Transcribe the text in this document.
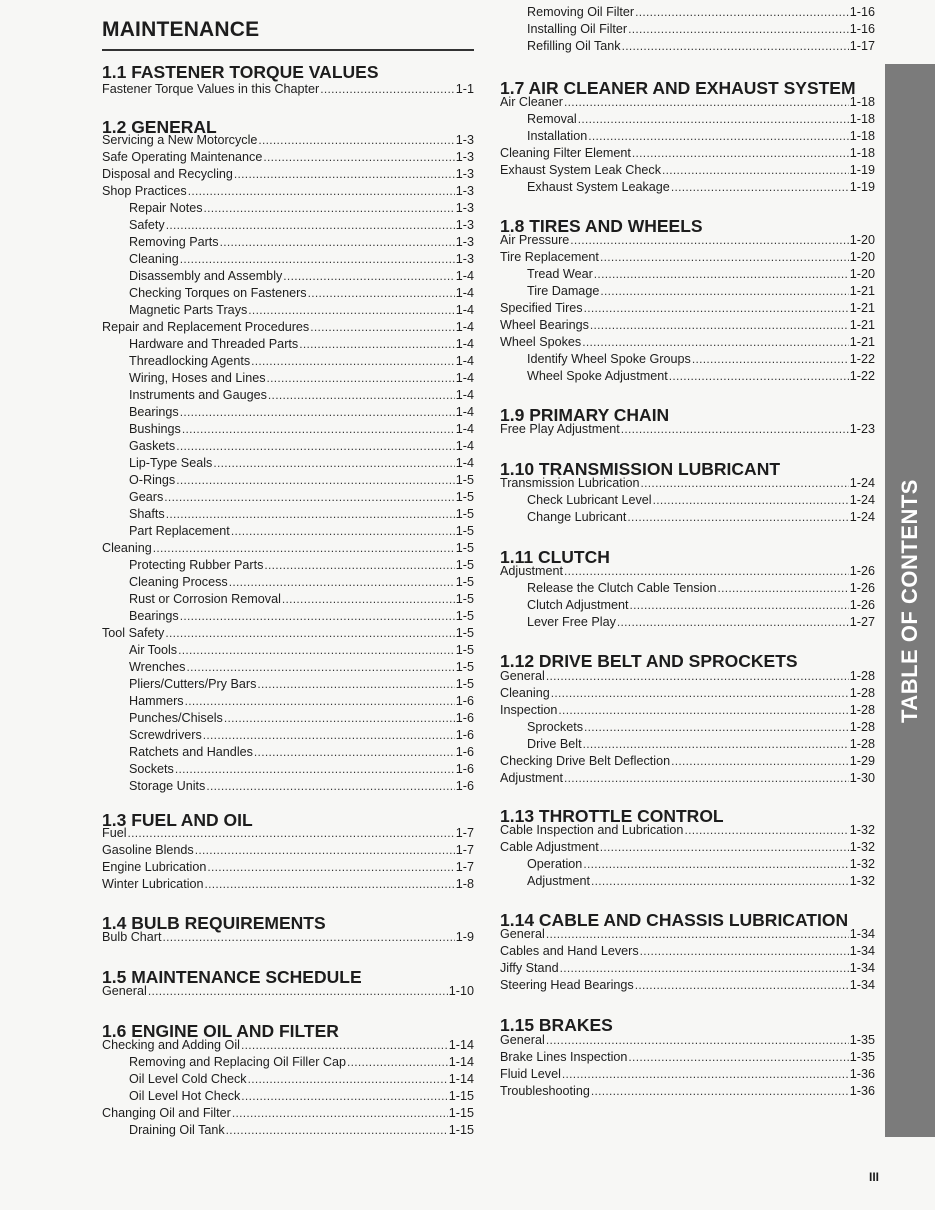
MAINTENANCE
1.1 FASTENER TORQUE VALUES
Fastener Torque Values in this Chapter .....	1-1
1.2 GENERAL
Servicing a New Motorcycle .....	1-3
Safe Operating Maintenance .....	1-3
Disposal and Recycling .....	1-3
Shop Practices .....	1-3
Repair Notes .....	1-3
Safety .....	1-3
Removing Parts .....	1-3
Cleaning .....	1-3
Disassembly and Assembly .....	1-4
Checking Torques on Fasteners .....	1-4
Magnetic Parts Trays .....	1-4
Repair and Replacement Procedures .....	1-4
Hardware and Threaded Parts .....	1-4
Threadlocking Agents .....	1-4
Wiring, Hoses and Lines .....	1-4
Instruments and Gauges .....	1-4
Bearings .....	1-4
Bushings .....	1-4
Gaskets .....	1-4
Lip-Type Seals .....	1-4
O-Rings .....	1-5
Gears .....	1-5
Shafts .....	1-5
Part Replacement .....	1-5
Cleaning .....	1-5
Protecting Rubber Parts .....	1-5
Cleaning Process .....	1-5
Rust or Corrosion Removal .....	1-5
Bearings .....	1-5
Tool Safety .....	1-5
Air Tools .....	1-5
Wrenches .....	1-5
Pliers/Cutters/Pry Bars .....	1-5
Hammers .....	1-6
Punches/Chisels .....	1-6
Screwdrivers .....	1-6
Ratchets and Handles .....	1-6
Sockets .....	1-6
Storage Units .....	1-6
1.3 FUEL AND OIL
Fuel .....	1-7
Gasoline Blends .....	1-7
Engine Lubrication .....	1-7
Winter Lubrication .....	1-8
1.4 BULB REQUIREMENTS
Bulb Chart .....	1-9
1.5 MAINTENANCE SCHEDULE
General .....	1-10
1.6 ENGINE OIL AND FILTER
Checking and Adding Oil .....	1-14
Removing and Replacing Oil Filler Cap .....	1-14
Oil Level Cold Check .....	1-14
Oil Level Hot Check .....	1-15
Changing Oil and Filter .....	1-15
Draining Oil Tank .....	1-15
Removing Oil Filter .....	1-16
Installing Oil Filter .....	1-16
Refilling Oil Tank .....	1-17
1.7 AIR CLEANER AND EXHAUST SYSTEM
Air Cleaner .....	1-18
Removal .....	1-18
Installation .....	1-18
Cleaning Filter Element .....	1-18
Exhaust System Leak Check .....	1-19
Exhaust System Leakage .....	1-19
1.8 TIRES AND WHEELS
Air Pressure .....	1-20
Tire Replacement .....	1-20
Tread Wear .....	1-20
Tire Damage .....	1-21
Specified Tires .....	1-21
Wheel Bearings .....	1-21
Wheel Spokes .....	1-21
Identify Wheel Spoke Groups .....	1-22
Wheel Spoke Adjustment .....	1-22
1.9 PRIMARY CHAIN
Free Play Adjustment .....	1-23
1.10 TRANSMISSION LUBRICANT
Transmission Lubrication .....	1-24
Check Lubricant Level .....	1-24
Change Lubricant .....	1-24
1.11 CLUTCH
Adjustment .....	1-26
Release the Clutch Cable Tension .....	1-26
Clutch Adjustment .....	1-26
Lever Free Play .....	1-27
1.12 DRIVE BELT AND SPROCKETS
General .....	1-28
Cleaning .....	1-28
Inspection .....	1-28
Sprockets .....	1-28
Drive Belt .....	1-28
Checking Drive Belt Deflection .....	1-29
Adjustment .....	1-30
1.13 THROTTLE CONTROL
Cable Inspection and Lubrication .....	1-32
Cable Adjustment .....	1-32
Operation .....	1-32
Adjustment .....	1-32
1.14 CABLE AND CHASSIS LUBRICATION
General .....	1-34
Cables and Hand Levers .....	1-34
Jiffy Stand .....	1-34
Steering Head Bearings .....	1-34
1.15 BRAKES
General .....	1-35
Brake Lines Inspection .....	1-35
Fluid Level .....	1-36
Troubleshooting .....	1-36
TABLE OF CONTENTS
III
